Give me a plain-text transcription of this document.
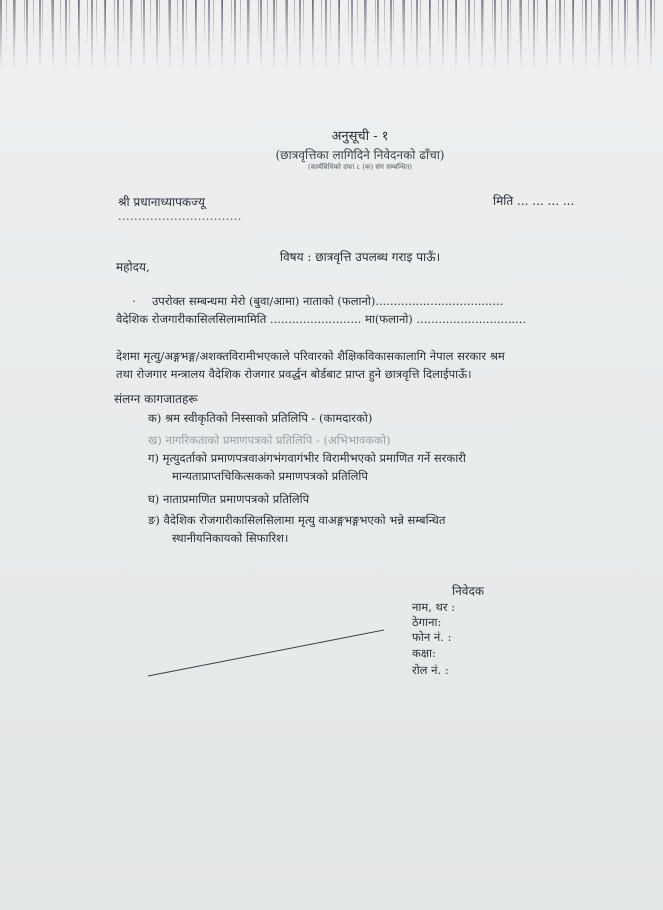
अनुसूची - १
(छात्रवृत्तिका लागिदिने निवेदनको ढाँचा)
(कार्यविधिको दफा ८ (क) संग सम्बन्धित)
श्री प्रधानाध्यापकज्यू
...............................
मिति ... ... ... ...
विषय : छात्रवृत्ति उपलब्ध गराइ पाऊँ।
महोदय,
· उपरोक्त सम्बन्धमा मेरो (बुवा/आमा) नाताको (फलानो)...................................
वैदेशिक रोजगारीकासिलसिलामामिति ......................... मा(फलानो) ..............................
देशमा मृत्यु/अङ्गभङ्ग/अशक्तविरामीभएकाले परिवारको शैक्षिकविकासकालागि नेपाल सरकार श्रम
तथा रोजगार मन्त्रालय वैदेशिक रोजगार प्रवर्द्धन बोर्डबाट प्राप्त हुने छात्रवृत्ति दिलाईपाऊँ।
संलग्न कागजातहरू
क) श्रम स्वीकृतिको निस्साको प्रतिलिपि - (कामदारको)
ख) नागरिकताको प्रमाणपत्रको प्रतिलिपि - (अभिभावकको)
ग) मृत्युदर्ताको प्रमाणपत्रवाअंगभंगवागंभीर विरामीभएको प्रमाणित गर्ने सरकारी
मान्यताप्राप्तचिकित्सकको प्रमाणपत्रको प्रतिलिपि
घ) नाताप्रमाणित प्रमाणपत्रको प्रतिलिपि
ङ) वैदेशिक रोजगारीकासिलसिलामा मृत्यु वाअङ्गभङ्गभएको भन्ने सम्बन्धित
स्थानीयनिकायको सिफारिश।
निवेदक
नाम, थर :
ठेगाना:
फोन नं. :
कक्षा:
रोल नं. :
